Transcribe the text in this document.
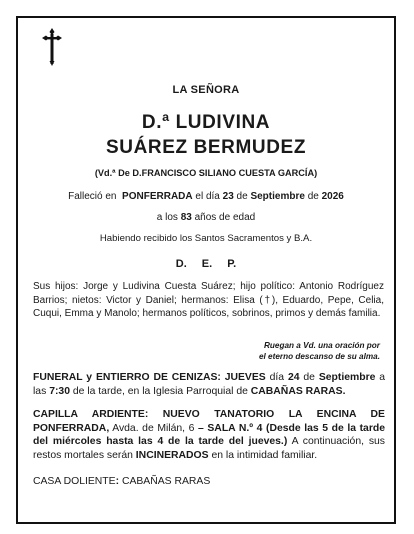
LA SEÑORA
D.ª LUDIVINA
SUÁREZ BERMUDEZ
(Vd.ª De D.FRANCISCO SILIANO CUESTA GARCÍA)
Falleció en PONFERRADA el día 23 de Septiembre de 2026
a los 83 años de edad
Habiendo recibido los Santos Sacramentos y B.A.
D. E. P.
Sus hijos: Jorge y Ludivina Cuesta Suárez; hijo político: Antonio Rodríguez Barrios; nietos: Victor y Daniel; hermanos: Elisa (†), Eduardo, Pepe, Celia, Cuqui, Emma y Manolo; hermanos políticos, sobrinos, primos y demás familia.
Ruegan a Vd. una oración por
el eterno descanso de su alma.
FUNERAL y ENTIERRO DE CENIZAS: JUEVES día 24 de Septiembre a las 7:30 de la tarde, en la Iglesia Parroquial de CABAÑAS RARAS.
CAPILLA ARDIENTE: NUEVO TANATORIO LA ENCINA DE PONFERRADA, Avda. de Milán, 6 – SALA N.º 4 (Desde las 5 de la tarde del miércoles hasta las 4 de la tarde del jueves.) A continuación, sus restos mortales serán INCINERADOS en la intimidad familiar.
CASA DOLIENTE: CABAÑAS RARAS
